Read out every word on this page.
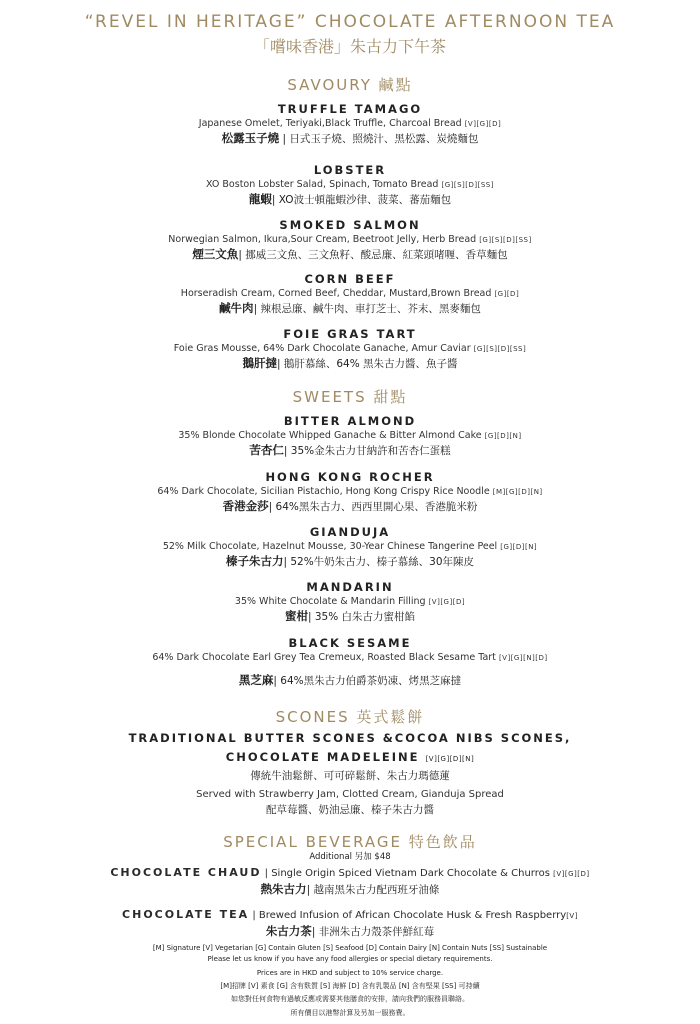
“REVEL IN HERITAGE” CHOCOLATE AFTERNOON TEA
「嚐味香港」朱古力下午茶
SAVOURY 鹹點
TRUFFLE TAMAGO
Japanese Omelet, Teriyaki,Black Truffle, Charcoal Bread [V][G][D]
松露玉子燒 | 日式玉子燒、照燒汁、黑松露、炭燒麵包
LOBSTER
XO Boston Lobster Salad, Spinach, Tomato Bread [G][S][D][SS]
龍蝦| XO波士頓龍蝦沙律、菠菜、蕃茄麵包
SMOKED SALMON
Norwegian Salmon, Ikura,Sour Cream, Beetroot Jelly, Herb Bread [G][S][D][SS]
煙三文魚| 挪威三文魚、三文魚籽、酸忌廉、紅菜頭啫喱、香草麵包
CORN BEEF
Horseradish Cream, Corned Beef, Cheddar, Mustard,Brown Bread [G][D]
鹹牛肉| 辣根忌廉、鹹牛肉、車打芝士、芥末、黑麥麵包
FOIE GRAS TART
Foie Gras Mousse, 64% Dark Chocolate Ganache, Amur Caviar [G][S][D][SS]
鵝肝撻| 鵝肝慕絲、64% 黑朱古力醬、魚子醬
SWEETS 甜點
BITTER ALMOND
35% Blonde Chocolate Whipped Ganache & Bitter Almond Cake [G][D][N]
苦杏仁| 35%金朱古力甘納許和苦杏仁蛋糕
HONG KONG ROCHER
64% Dark Chocolate, Sicilian Pistachio, Hong Kong Crispy Rice Noodle [M][G][D][N]
香港金莎| 64%黑朱古力、西西里開心果、香港脆米粉
GIANDUJA
52% Milk Chocolate, Hazelnut Mousse, 30-Year Chinese Tangerine Peel [G][D][N]
榛子朱古力| 52%牛奶朱古力、榛子慕絲、30年陳皮
MANDARIN
35% White Chocolate & Mandarin Filling [V][G][D]
蜜柑| 35% 白朱古力蜜柑餡
BLACK SESAME
64% Dark Chocolate Earl Grey Tea Cremeux, Roasted Black Sesame Tart [V][G][N][D]
黑芝麻| 64%黑朱古力伯爵茶奶凍、烤黑芝麻撻
SCONES 英式鬆餅
TRADITIONAL BUTTER SCONES &COCOA NIBS SCONES,
CHOCOLATE MADELEINE [V][G][D][N]
傳統牛油鬆餅、可可碎鬆餅、朱古力瑪德蓮
Served with Strawberry Jam, Clotted Cream, Gianduja Spread
配草莓醬、奶油忌廉、榛子朱古力醬
SPECIAL BEVERAGE 特色飲品
Additional 另加 $48
CHOCOLATE CHAUD | Single Origin Spiced Vietnam Dark Chocolate & Churros [V][G][D]
熱朱古力| 越南黑朱古力配西班牙油條
CHOCOLATE TEA | Brewed Infusion of African Chocolate Husk & Fresh Raspberry[V]
朱古力茶| 非洲朱古力殼茶伴鮮紅莓
[M] Signature [V] Vegetarian [G] Contain Gluten [S] Seafood [D] Contain Dairy [N] Contain Nuts [SS] Sustainable
Please let us know if you have any food allergies or special dietary requirements.
Prices are in HKD and subject to 10% service charge.
[M]招牌 [V] 素食 [G] 含有麩質 [S] 海鮮 [D] 含有乳製品 [N] 含有堅果 [SS] 可持續
如您對任何食物有過敏反應或需要其他膳食的安排，請向我們的服務員聯絡。
所有價目以港幣計算及另加一服務費。
